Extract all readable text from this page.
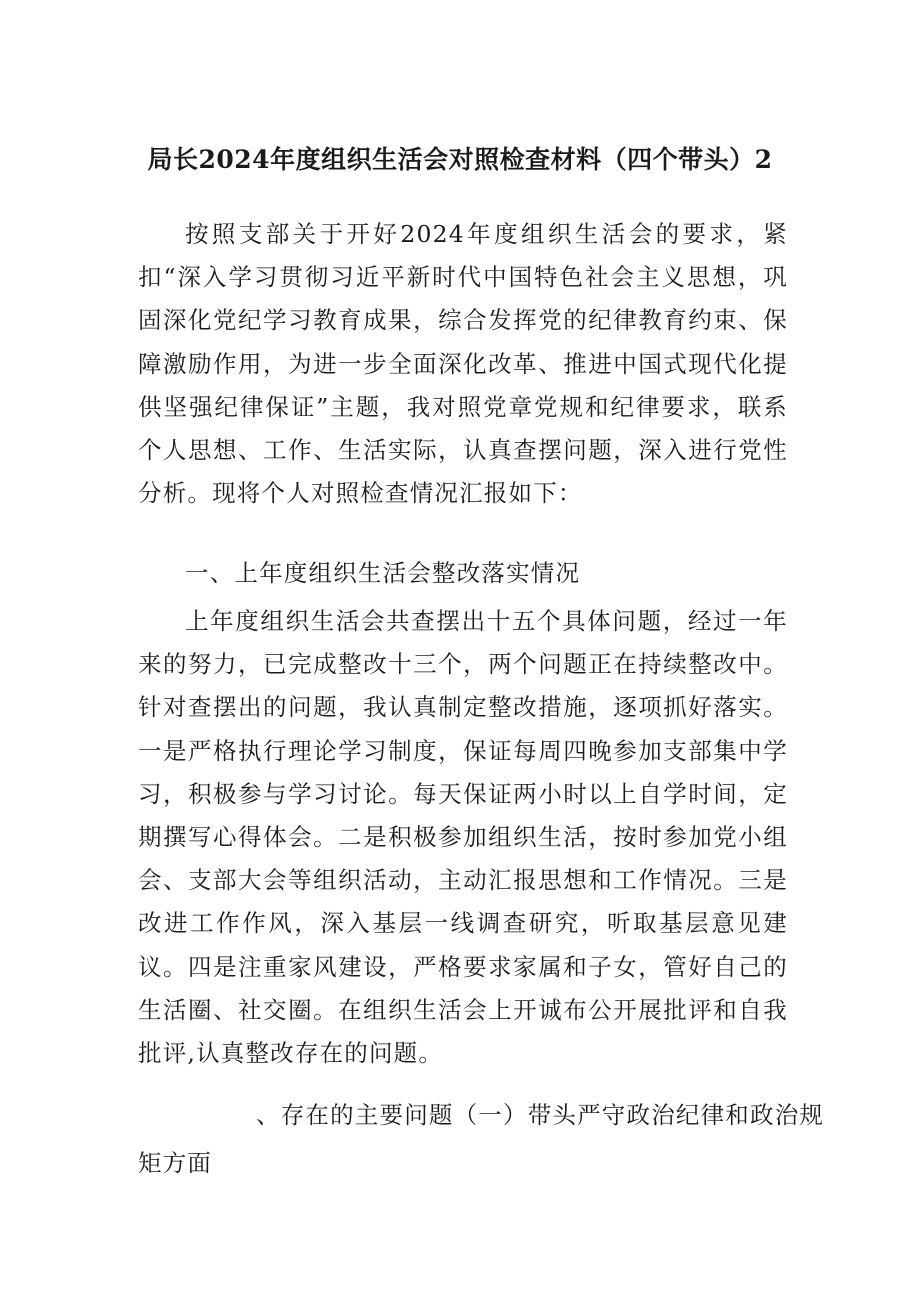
局长2024年度组织生活会对照检查材料（四个带头）2

按照支部关于开好2024年度组织生活会的要求，紧扣“深入学习贯彻习近平新时代中国特色社会主义思想，巩固深化党纪学习教育成果，综合发挥党的纪律教育约束、保障激励作用，为进一步全面深化改革、推进中国式现代化提供坚强纪律保证”主题，我对照党章党规和纪律要求，联系个人思想、工作、生活实际，认真查摆问题，深入进行党性分析。现将个人对照检查情况汇报如下：

一、上年度组织生活会整改落实情况

上年度组织生活会共查摆出十五个具体问题，经过一年来的努力，已完成整改十三个，两个问题正在持续整改中。针对查摆出的问题，我认真制定整改措施，逐项抓好落实。一是严格执行理论学习制度，保证每周四晚参加支部集中学习，积极参与学习讨论。每天保证两小时以上自学时间，定期撰写心得体会。二是积极参加组织生活，按时参加党小组会、支部大会等组织活动，主动汇报思想和工作情况。三是改进工作作风，深入基层一线调查研究，听取基层意见建议。四是注重家风建设，严格要求家属和子女，管好自己的生活圈、社交圈。在组织生活会上开诚布公开展批评和自我批评,认真整改存在的问题。

、存在的主要问题（一）带头严守政治纪律和政治规
矩方面
